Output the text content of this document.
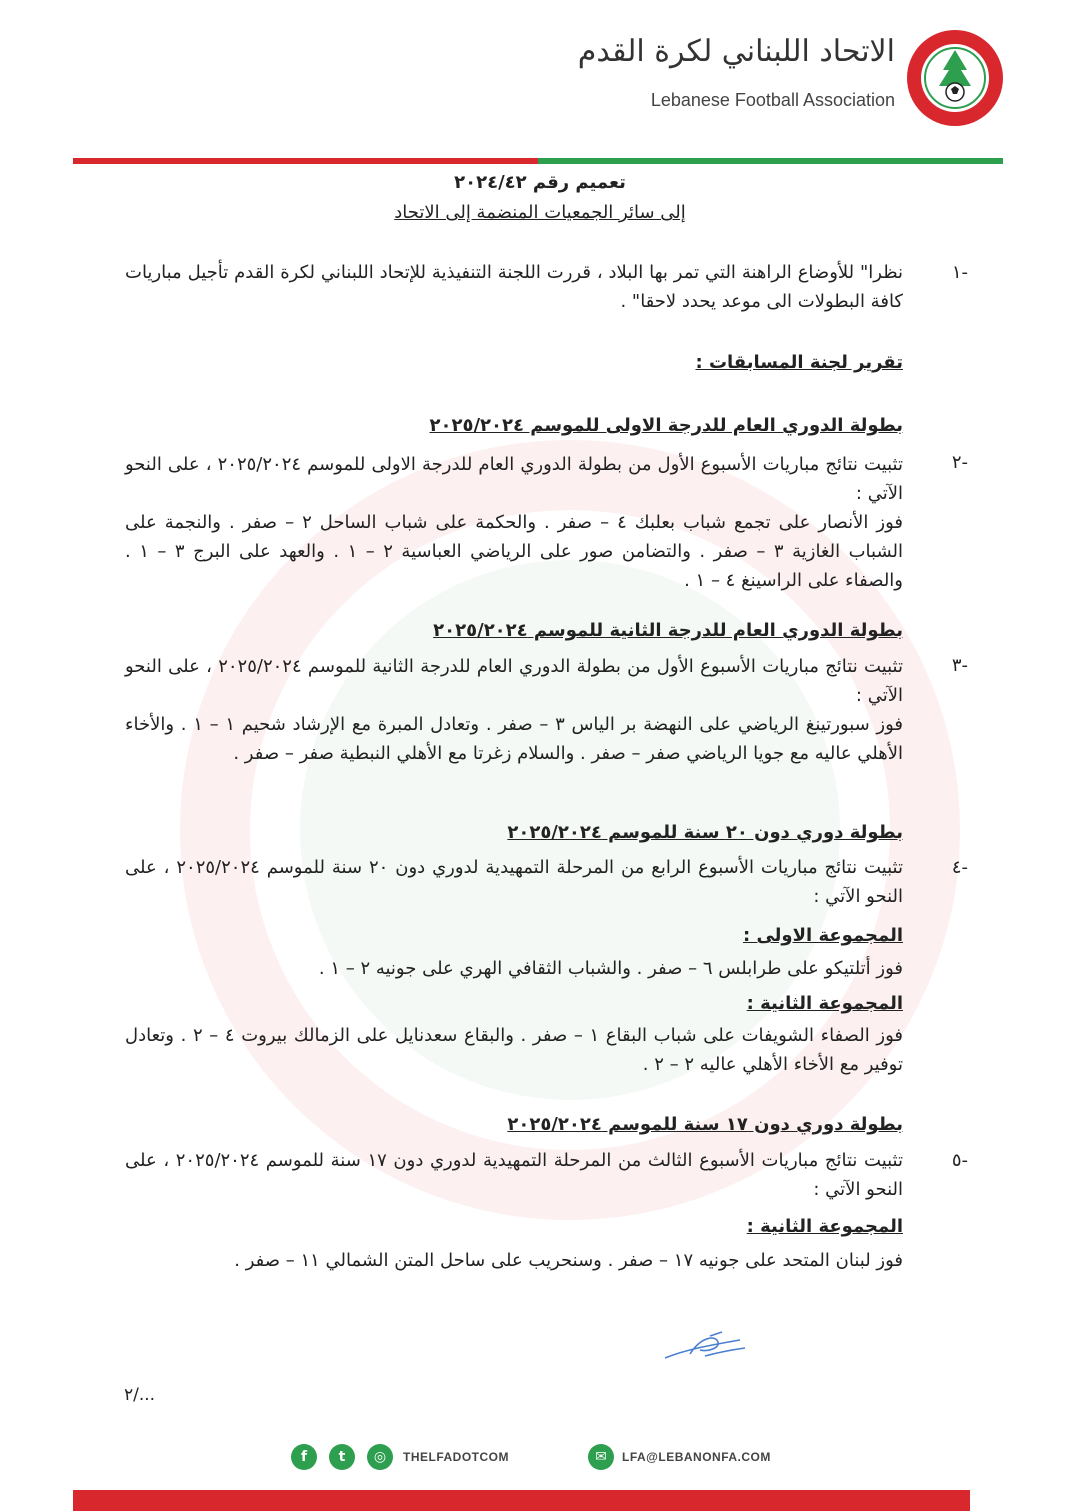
الاتحاد اللبناني لكرة القدم
Lebanese Football Association
تعميم رقم ٢٠٢٤/٤٢
إلى سائر الجمعيات المنضمة إلى الاتحاد
-١
نظرا" للأوضاع الراهنة التي تمر بها البلاد ، قررت اللجنة التنفيذية للإتحاد اللبناني لكرة القدم تأجيل مباريات كافة البطولات الى موعد يحدد لاحقا" .
تقرير لجنة المسابقات :
بطولة الدوري العام للدرجة الاولى للموسم ٢٠٢٥/٢٠٢٤
-٢
تثبيت نتائج مباريات الأسبوع الأول من بطولة الدوري العام للدرجة الاولى للموسم ٢٠٢٥/٢٠٢٤ ، على النحو الآتي :
فوز الأنصار على تجمع شباب بعلبك ٤ – صفر . والحكمة على شباب الساحل ٢ – صفر . والنجمة على الشباب الغازية ٣ – صفر . والتضامن صور على الرياضي العباسية ٢ – ١ . والعهد على البرج ٣ – ١ . والصفاء على الراسينغ ٤ – ١ .
بطولة الدوري العام للدرجة الثانية للموسم ٢٠٢٥/٢٠٢٤
-٣
تثبيت نتائج مباريات الأسبوع الأول من بطولة الدوري العام للدرجة الثانية للموسم ٢٠٢٥/٢٠٢٤ ، على النحو الآتي :
فوز سبورتينغ الرياضي على النهضة بر الياس ٣ – صفر . وتعادل المبرة مع الإرشاد شحيم ١ – ١ . والأخاء الأهلي عاليه مع جويا الرياضي صفر – صفر . والسلام زغرتا مع الأهلي النبطية صفر – صفر .
بطولة دوري دون ٢٠ سنة للموسم ٢٠٢٥/٢٠٢٤
-٤
تثبيت نتائج مباريات الأسبوع الرابع من المرحلة التمهيدية لدوري دون ٢٠ سنة للموسم ٢٠٢٥/٢٠٢٤ ، على النحو الآتي :
المجموعة الاولى :
فوز أتلتيكو على طرابلس ٦ – صفر . والشباب الثقافي الهري على جونيه ٢ – ١ .
المجموعة الثانية :
فوز الصفاء الشويفات على شباب البقاع ١ – صفر . والبقاع سعدنايل على الزمالك بيروت ٤ – ٢ . وتعادل توفير مع الأخاء الأهلي عاليه ٢ – ٢ .
بطولة دوري دون ١٧ سنة للموسم ٢٠٢٥/٢٠٢٤
-٥
تثبيت نتائج مباريات الأسبوع الثالث من المرحلة التمهيدية لدوري دون ١٧ سنة للموسم ٢٠٢٥/٢٠٢٤ ، على النحو الآتي :
المجموعة الثانية :
فوز لبنان المتحد على جونيه ١٧ – صفر . وسنحريب على ساحل المتن الشمالي ١١ – صفر .
٢/...
f	t	◎	THELFADOTCOM	✉	LFA@LEBANONFA.COM
